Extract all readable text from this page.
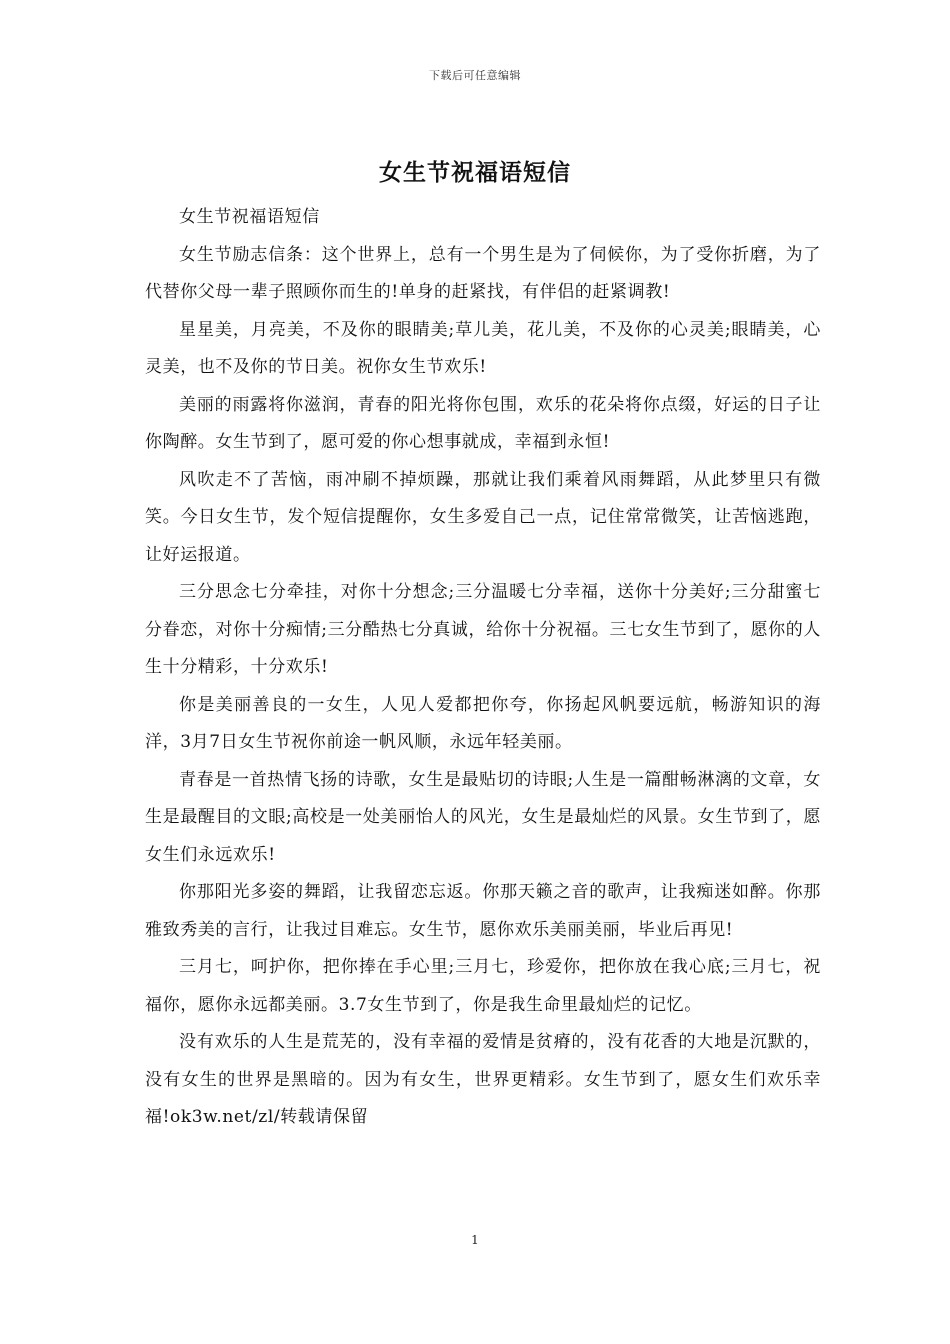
下载后可任意编辑
女生节祝福语短信

女生节祝福语短信

女生节励志信条：这个世界上，总有一个男生是为了伺候你，为了受你折磨，为了代替你父母一辈子照顾你而生的!单身的赶紧找，有伴侣的赶紧调教!

星星美，月亮美，不及你的眼睛美;草儿美，花儿美，不及你的心灵美;眼睛美，心灵美，也不及你的节日美。祝你女生节欢乐!

美丽的雨露将你滋润，青春的阳光将你包围，欢乐的花朵将你点缀，好运的日子让你陶醉。女生节到了，愿可爱的你心想事就成，幸福到永恒!

风吹走不了苦恼，雨冲刷不掉烦躁，那就让我们乘着风雨舞蹈，从此梦里只有微笑。今日女生节，发个短信提醒你，女生多爱自己一点，记住常常微笑，让苦恼逃跑，让好运报道。

三分思念七分牵挂，对你十分想念;三分温暖七分幸福，送你十分美好;三分甜蜜七分眷恋，对你十分痴情;三分酷热七分真诚，给你十分祝福。三七女生节到了，愿你的人生十分精彩，十分欢乐!

你是美丽善良的一女生，人见人爱都把你夸，你扬起风帆要远航，畅游知识的海洋，3月7日女生节祝你前途一帆风顺，永远年轻美丽。

青春是一首热情飞扬的诗歌，女生是最贴切的诗眼;人生是一篇酣畅淋漓的文章，女生是最醒目的文眼;高校是一处美丽怡人的风光，女生是最灿烂的风景。女生节到了，愿女生们永远欢乐!

你那阳光多姿的舞蹈，让我留恋忘返。你那天籁之音的歌声，让我痴迷如醉。你那雅致秀美的言行，让我过目难忘。女生节，愿你欢乐美丽美丽，毕业后再见!

三月七，呵护你，把你捧在手心里;三月七，珍爱你，把你放在我心底;三月七，祝福你，愿你永远都美丽。3.7女生节到了，你是我生命里最灿烂的记忆。

没有欢乐的人生是荒芜的，没有幸福的爱情是贫瘠的，没有花香的大地是沉默的，没有女生的世界是黑暗的。因为有女生，世界更精彩。女生节到了，愿女生们欢乐幸福!ok3w.net/zl/转载请保留

1
